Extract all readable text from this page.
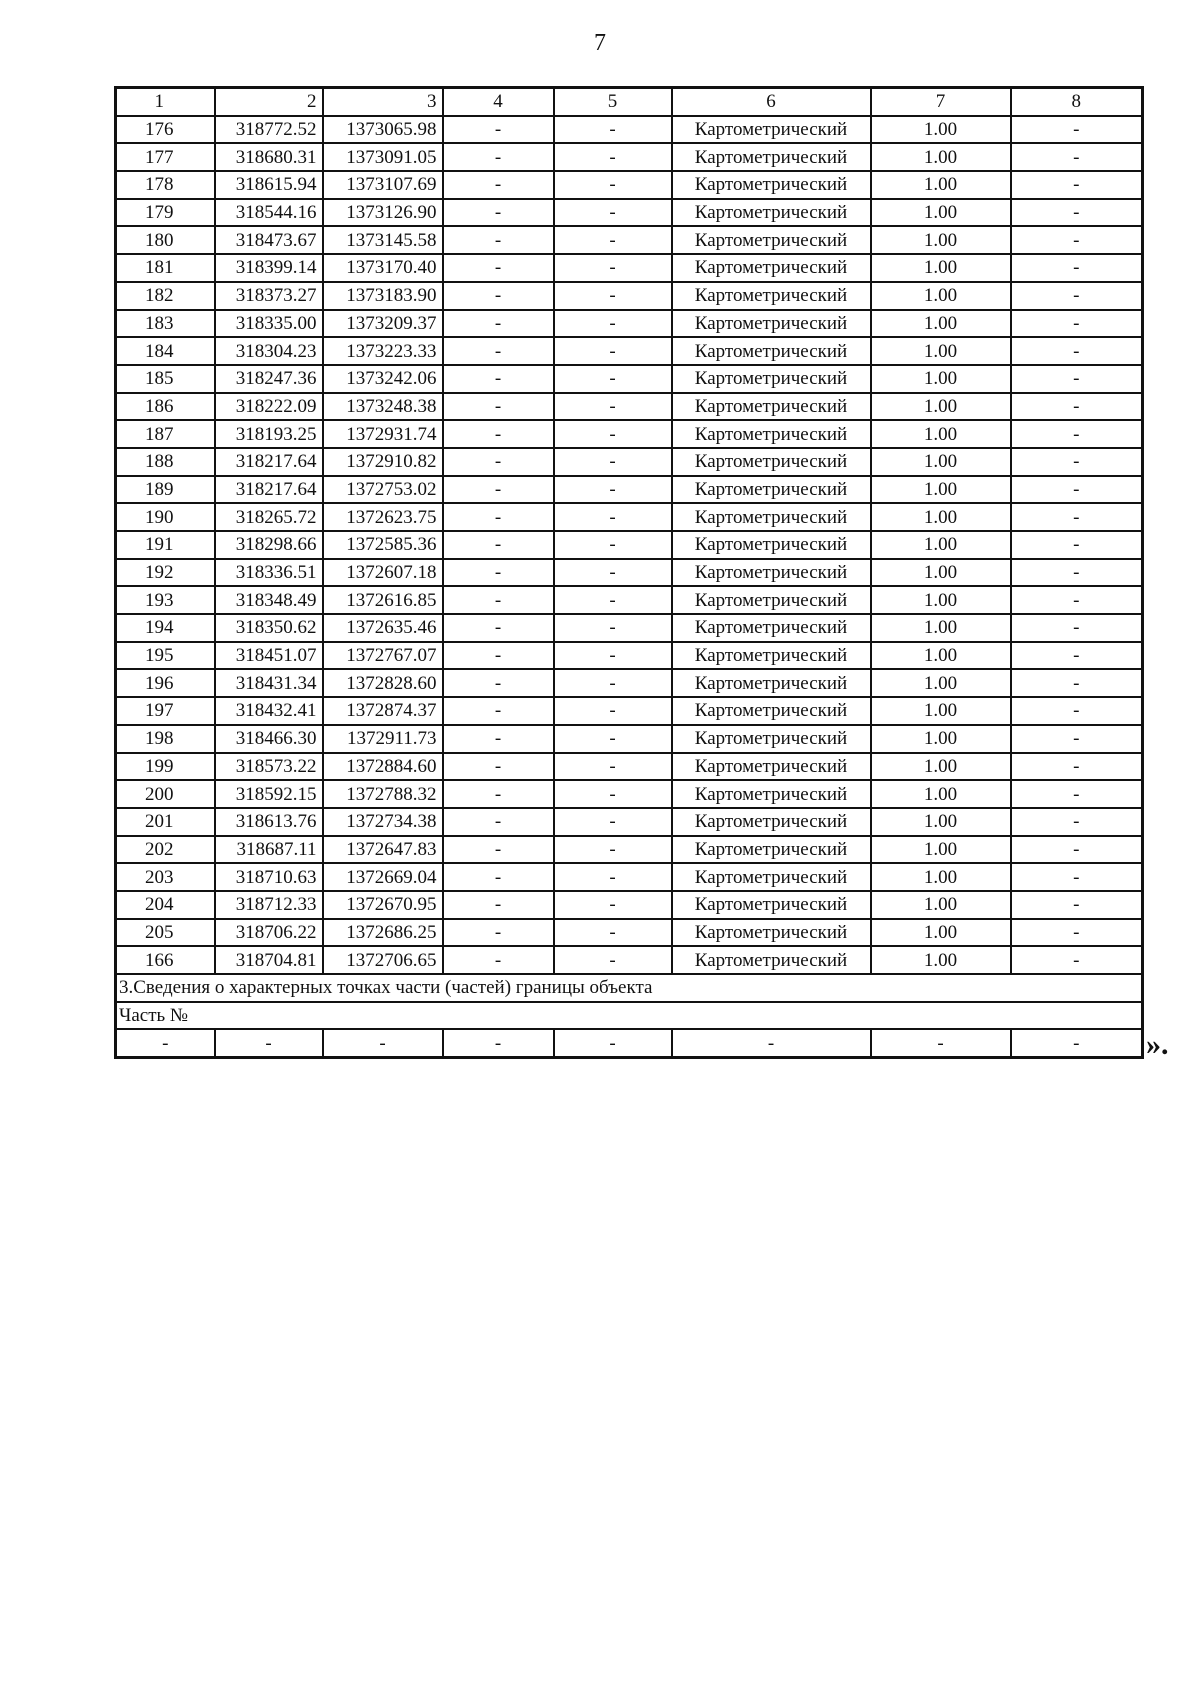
7
1	2	3	4	5	6	7	8
176	318772.52	1373065.98	-	-	Картометрический	1.00	-
177	318680.31	1373091.05	-	-	Картометрический	1.00	-
178	318615.94	1373107.69	-	-	Картометрический	1.00	-
179	318544.16	1373126.90	-	-	Картометрический	1.00	-
180	318473.67	1373145.58	-	-	Картометрический	1.00	-
181	318399.14	1373170.40	-	-	Картометрический	1.00	-
182	318373.27	1373183.90	-	-	Картометрический	1.00	-
183	318335.00	1373209.37	-	-	Картометрический	1.00	-
184	318304.23	1373223.33	-	-	Картометрический	1.00	-
185	318247.36	1373242.06	-	-	Картометрический	1.00	-
186	318222.09	1373248.38	-	-	Картометрический	1.00	-
187	318193.25	1372931.74	-	-	Картометрический	1.00	-
188	318217.64	1372910.82	-	-	Картометрический	1.00	-
189	318217.64	1372753.02	-	-	Картометрический	1.00	-
190	318265.72	1372623.75	-	-	Картометрический	1.00	-
191	318298.66	1372585.36	-	-	Картометрический	1.00	-
192	318336.51	1372607.18	-	-	Картометрический	1.00	-
193	318348.49	1372616.85	-	-	Картометрический	1.00	-
194	318350.62	1372635.46	-	-	Картометрический	1.00	-
195	318451.07	1372767.07	-	-	Картометрический	1.00	-
196	318431.34	1372828.60	-	-	Картометрический	1.00	-
197	318432.41	1372874.37	-	-	Картометрический	1.00	-
198	318466.30	1372911.73	-	-	Картометрический	1.00	-
199	318573.22	1372884.60	-	-	Картометрический	1.00	-
200	318592.15	1372788.32	-	-	Картометрический	1.00	-
201	318613.76	1372734.38	-	-	Картометрический	1.00	-
202	318687.11	1372647.83	-	-	Картометрический	1.00	-
203	318710.63	1372669.04	-	-	Картометрический	1.00	-
204	318712.33	1372670.95	-	-	Картометрический	1.00	-
205	318706.22	1372686.25	-	-	Картометрический	1.00	-
166	318704.81	1372706.65	-	-	Картометрический	1.00	-
3.Сведения о характерных точках части (частей) границы объекта							
Часть №							
-	-	-	-	-	-	-	- ».
